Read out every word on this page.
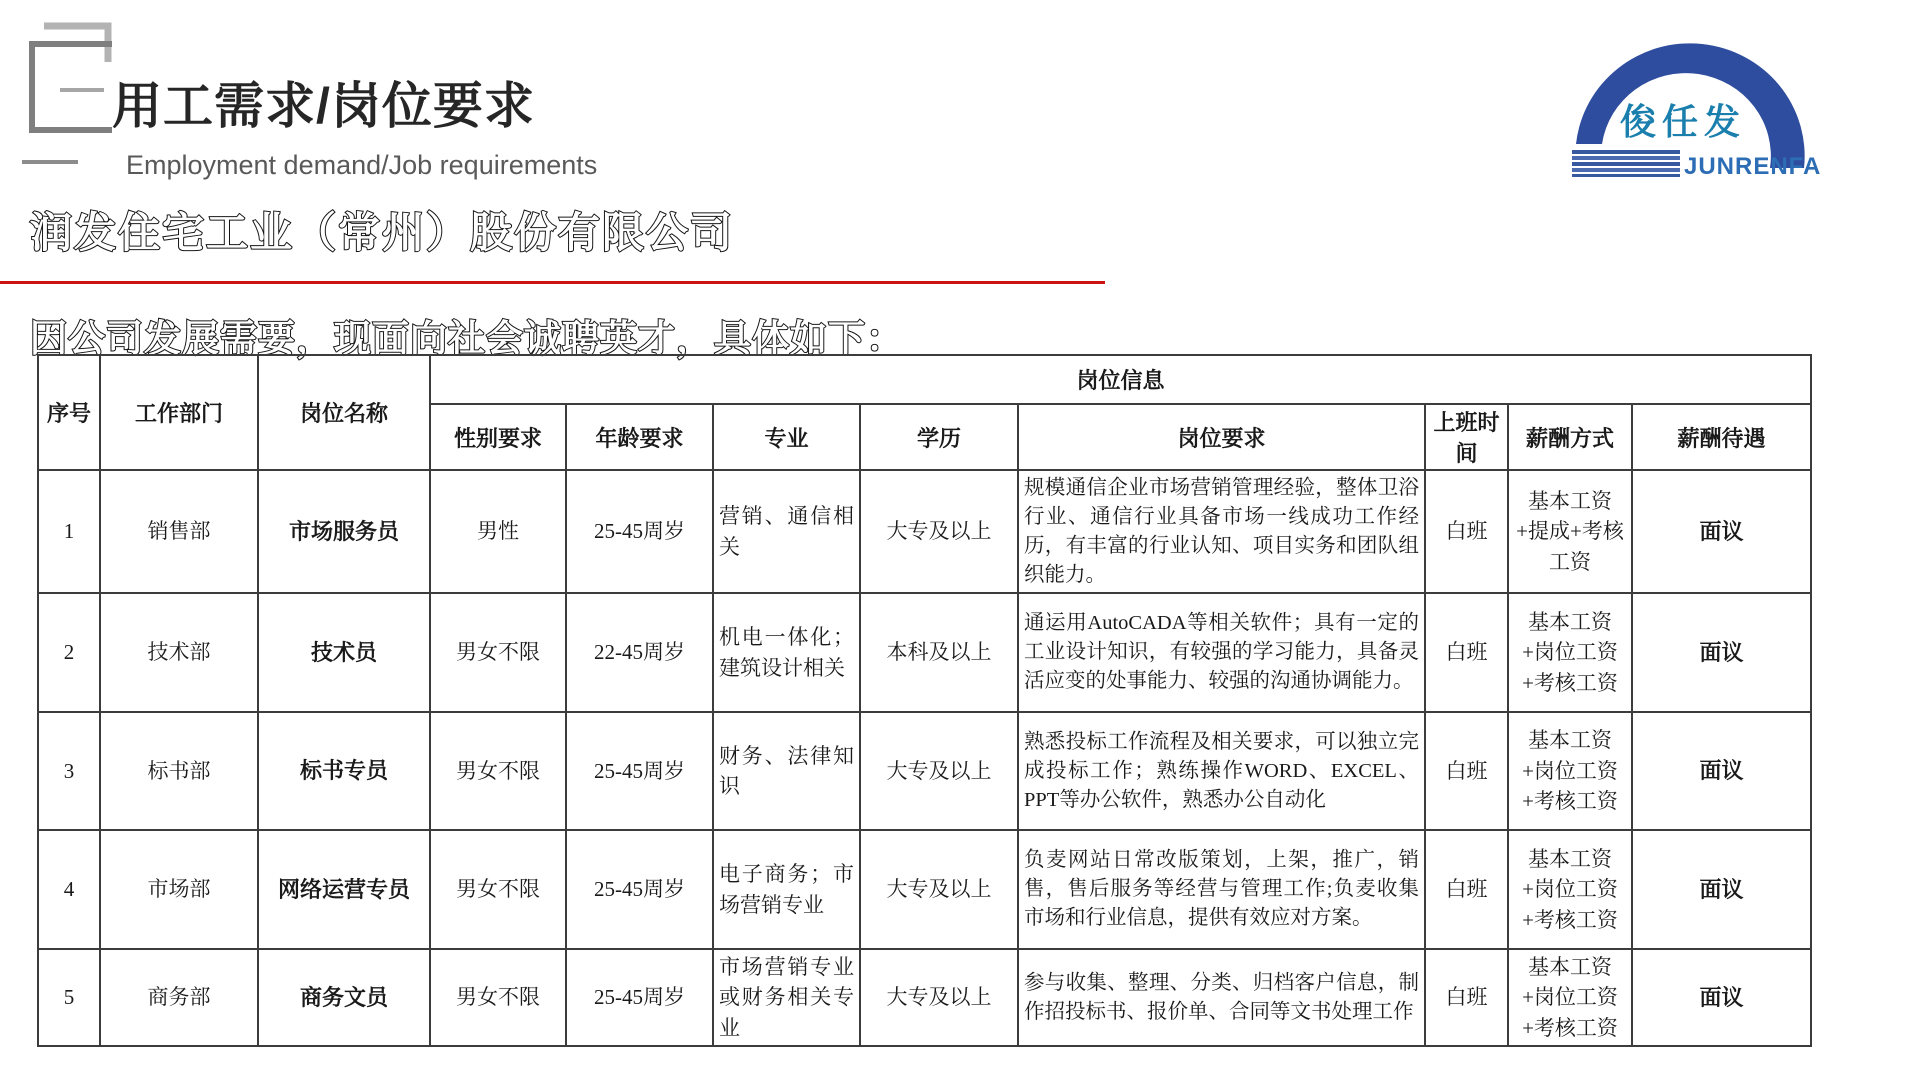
用工需求/岗位要求
Employment demand/Job requirements
俊任发
JUNRENFA
润发住宅工业（常州）股份有限公司
因公司发展需要，现面向社会诚聘英才，具体如下：
序号	工作部门	岗位名称	岗位信息							
			性别要求	年龄要求	专业	学历	岗位要求	上班时间	薪酬方式	薪酬待遇
1	销售部	市场服务员	男性	25-45周岁	营销、通信相关	大专及以上	规模通信企业市场营销管理经验，整体卫浴行业、通信行业具备市场一线成功工作经历，有丰富的行业认知、项目实务和团队组织能力。	白班	基本工资+提成+考核工资	面议
2	技术部	技术员	男女不限	22-45周岁	机电一体化；建筑设计相关	本科及以上	通运用AutoCADA等相关软件；具有一定的工业设计知识，有较强的学习能力，具备灵活应变的处事能力、较强的沟通协调能力。	白班	基本工资+岗位工资+考核工资	面议
3	标书部	标书专员	男女不限	25-45周岁	财务、法律知识	大专及以上	熟悉投标工作流程及相关要求，可以独立完成投标工作；熟练操作WORD、EXCEL、PPT等办公软件，熟悉办公自动化	白班	基本工资+岗位工资+考核工资	面议
4	市场部	网络运营专员	男女不限	25-45周岁	电子商务；市场营销专业	大专及以上	负麦网站日常改版策划，上架，推广，销售，售后服务等经营与管理工作;负麦收集市场和行业信息，提供有效应对方案。	白班	基本工资+岗位工资+考核工资	面议
5	商务部	商务文员	男女不限	25-45周岁	市场营销专业或财务相关专业	大专及以上	参与收集、整理、分类、归档客户信息，制作招投标书、报价单、合同等文书处理工作	白班	基本工资+岗位工资+考核工资	面议
